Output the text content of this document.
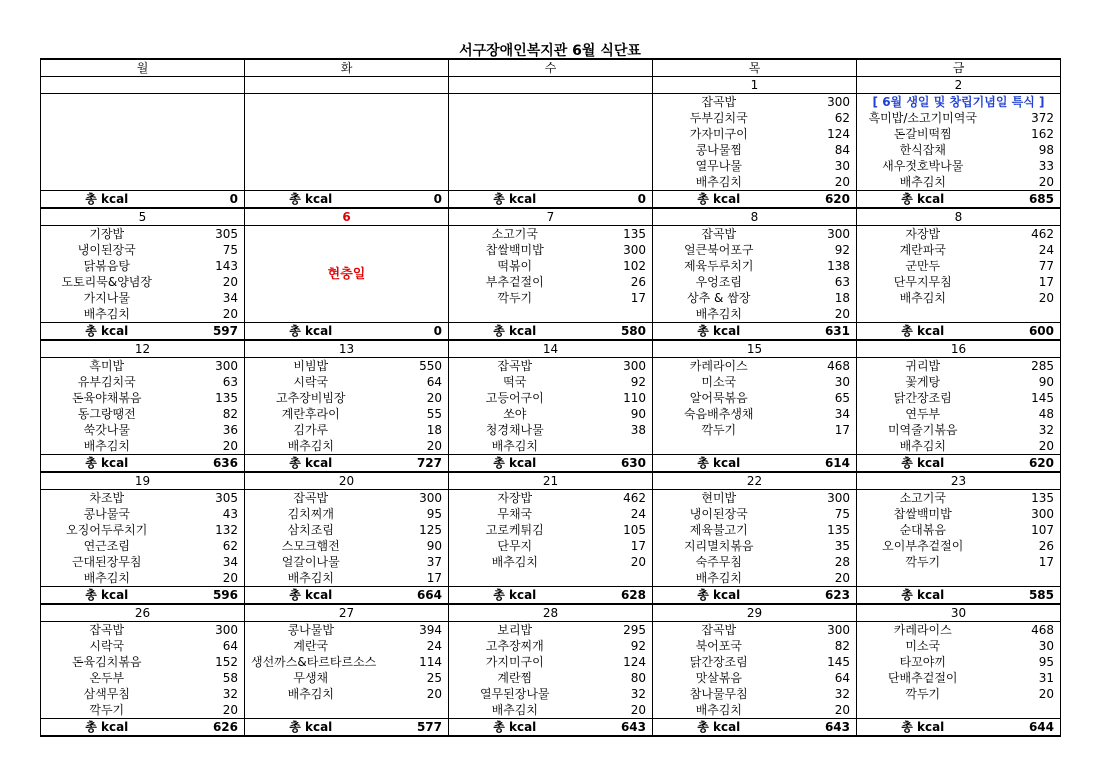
서구장애인복지관 6월 식단표
월		화		수		목		금	
						1		2	
						잡곡밥	300	[ 6월 생일 및 창립기념일 특식 ]	
						두부김치국	62	흑미밥/소고기미역국	372
						가자미구이	124	돈갈비떡찜	162
						콩나물찜	84	한식잡채	98
						열무나물	30	새우젓호박나물	33
						배추김치	20	배추김치	20
총 kcal	0	총 kcal	0	총 kcal	0	총 kcal	620	총 kcal	685
5		6		7		8		8	
기장밥	305	현충일		소고기국	135	잡곡밥	300	자장밥	462
냉이된장국	75			찹쌀백미밥	300	얼큰북어포구	92	계란파국	24
닭볶음탕	143			떡볶이	102	제육두루치기	138	군만두	77
도토리묵&양념장	20			부추겉절이	26	우엉조림	63	단무지무침	17
가지나물	34			깍두기	17	상추 & 쌈장	18	배추김치	20
배추김치	20					배추김치	20		
총 kcal	597	총 kcal	0	총 kcal	580	총 kcal	631	총 kcal	600
12		13		14		15		16	
흑미밥	300	비빔밥	550	잡곡밥	300	카레라이스	468	귀리밥	285
유부김치국	63	시락국	64	떡국	92	미소국	30	꽃게탕	90
돈육야채볶음	135	고추장비빔장	20	고등어구이	110	알어묵볶음	65	닭간장조림	145
동그랑땡전	82	계란후라이	55	쏘야	90	숙음배추생채	34	연두부	48
쑥갓나물	36	김가루	18	청경채나물	38	깍두기	17	미역줄기볶음	32
배추김치	20	배추김치	20	배추김치				배추김치	20
총 kcal	636	총 kcal	727	총 kcal	630	총 kcal	614	총 kcal	620
19		20		21		22		23	
차조밥	305	잡곡밥	300	자장밥	462	현미밥	300	소고기국	135
콩나물국	43	김치찌개	95	무채국	24	냉이된장국	75	찹쌀백미밥	300
오징어두루치기	132	삼치조림	125	고로케튀김	105	제육불고기	135	순대볶음	107
연근조림	62	스모크햄전	90	단무지	17	지리멸치볶음	35	오이부추겉절이	26
근대된장무침	34	얼갈이나물	37	배추김치	20	숙주무침	28	깍두기	17
배추김치	20	배추김치	17			배추김치	20		
총 kcal	596	총 kcal	664	총 kcal	628	총 kcal	623	총 kcal	585
26		27		28		29		30	
잡곡밥	300	콩나물밥	394	보리밥	295	잡곡밥	300	카레라이스	468
시락국	64	계란국	24	고추장찌개	92	북어포국	82	미소국	30
돈육김치볶음	152	생선까스&타르타르소스	114	가지미구이	124	닭간장조림	145	타꼬야끼	95
온두부	58	무생채	25	계란찜	80	맛살볶음	64	단배추겉절이	31
삼색무침	32	배추김치	20	열무된장나물	32	참나물무침	32	깍두기	20
깍두기	20			배추김치	20	배추김치	20		
총 kcal	626	총 kcal	577	총 kcal	643	총 kcal	643	총 kcal	644
